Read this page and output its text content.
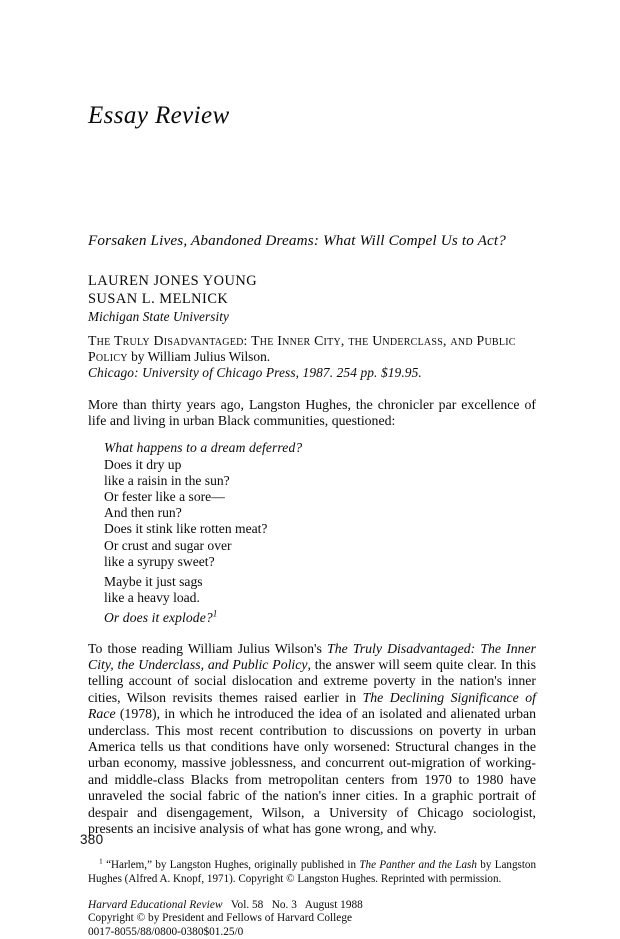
Essay Review
Forsaken Lives, Abandoned Dreams: What Will Compel Us to Act?
LAUREN JONES YOUNG
SUSAN L. MELNICK
Michigan State University
The Truly Disadvantaged: The Inner City, the Underclass, and Public Policy by William Julius Wilson.
Chicago: University of Chicago Press, 1987. 254 pp. $19.95.

More than thirty years ago, Langston Hughes, the chronicler par excellence of life and living in urban Black communities, questioned:

What happens to a dream deferred?
Does it dry up
like a raisin in the sun?
Or fester like a sore—
And then run?
Does it stink like rotten meat?
Or crust and sugar over
like a syrupy sweet?
Maybe it just sags
like a heavy load.
Or does it explode?$^1$

To those reading William Julius Wilson's The Truly Disadvantaged: The Inner City, the Underclass, and Public Policy, the answer will seem quite clear. In this telling account of social dislocation and extreme poverty in the nation's inner cities, Wilson revisits themes raised earlier in The Declining Significance of Race (1978), in which he introduced the idea of an isolated and alienated urban underclass. This most recent contribution to discussions on poverty in urban America tells us that conditions have only worsened: Structural changes in the urban economy, massive joblessness, and concurrent out-migration of working- and middle-class Blacks from metropolitan centers from 1970 to 1980 have unraveled the social fabric of the nation's inner cities. In a graphic portrait of despair and disengagement, Wilson, a University of Chicago sociologist, presents an incisive analysis of what has gone wrong, and why.

$^1$ “Harlem,” by Langston Hughes, originally published in The Panther and the Lash by Langston Hughes (Alfred A. Knopf, 1971). Copyright © Langston Hughes. Reprinted with permission.

Harvard Educational Review   Vol. 58   No. 3   August 1988
Copyright © by President and Fellows of Harvard College
0017-8055/88/0800-0380$01.25/0
380
